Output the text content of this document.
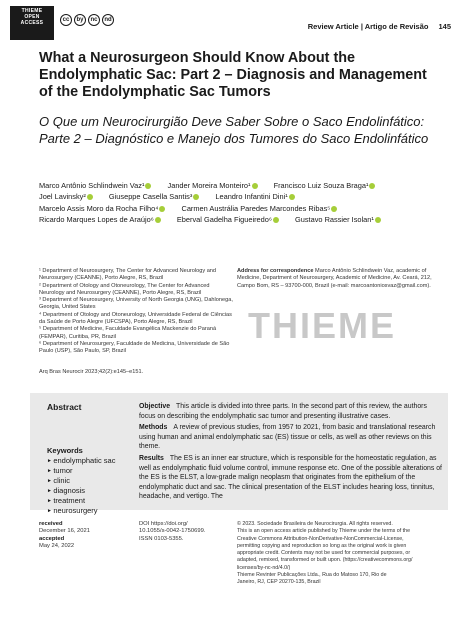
THIEME
OPEN
ACCESS	cc	by	nc	nd
Review Article | Artigo de Revisão 145
What a Neurosurgeon Should Know About the Endolymphatic Sac: Part 2 – Diagnosis and Management of the Endolymphatic Sac Tumors
O Que um Neurocirurgião Deve Saber Sobre o Saco Endolinfático: Parte 2 – Diagnóstico e Manejo dos Tumores do Saco Endolinfático
Marco Antônio Schlindwein Vaz¹	Jander Moreira Monteiro¹	Francisco Luiz Souza Braga¹
Joel Lavinsky²	Giuseppe Casella Santis³	Leandro Infantini Dini¹
Marcelo Assis Moro da Rocha Filho⁴	Carmen Austrália Paredes Marcondes Ribas⁵
Ricardo Marques Lopes de Araújo⁶	Eberval Gadelha Figueiredo⁶	Gustavo Rassier Isolan¹

¹ Department of Neurosurgery, The Center for Advanced Neurology and Neurosurgery (CEANNE), Porto Alegre, RS, Brazil

² Department of Otology and Otoneurology, The Center for Advanced Neurology and Neurosurgery (CEANNE), Porto Alegre, RS, Brazil

³ Department of Neurosurgery, University of North Georgia (UNG), Dahlonega, Georgia, United States

⁴ Department of Otology and Otoneurology, Universidade Federal de Ciências da Saúde de Porto Alegre (UFCSPA), Porto Alegre, RS, Brazil

⁵ Department of Medicine, Faculdade Evangélica Mackenzie do Paraná (FEMPAR), Curitiba, PR, Brazil

⁶ Department of Neurosurgery, Faculdade de Medicina, Universidade de São Paulo (USP), São Paulo, SP, Brazil

Address for correspondence Marco Antônio Schlindwein Vaz, academic of Medicine, Department of Neurosurgery, Academic of Medicine, Av. Ceará, 212, Campo Bom, RS – 93700-000, Brazil (e-mail: marcoantoniosvaz@gmail.com).
THIEME
Arq Bras Neurocir 2023;42(2):e145–e151.
Abstract
Keywords
► endolymphatic sac
► tumor
► clinic
► diagnosis
► treatment
► neurosurgery

Objective This article is divided into three parts. In the second part of this review, the authors focus on describing the endolymphatic sac tumor and presenting illustrative cases.

Methods A review of previous studies, from 1957 to 2021, from basic and translational research using human and animal endolymphatic sac (ES) tissue or cells, as well as other reviews on this theme.

Results The ES is an inner ear structure, which is responsible for the homeostatic regulation, as well as endolymphatic fluid volume control, immune response etc. One of the possible alterations of the ES is the ELST, a low-grade malign neoplasm that originates from the epithelium of the endolymphatic duct and sac. The clinical presentation of the ELST includes hearing loss, tinnitus, headache, and vertigo. The

received
December 16, 2021
accepted
May 24, 2022
DOI https://doi.org/
10.1055/s-0042-1750699.
ISSN 0103-5355.
© 2023. Sociedade Brasileira de Neurocirurgia. All rights reserved.
This is an open access article published by Thieme under the terms of the
Creative Commons Attribution-NonDerivative-NonCommercial-License,
permitting copying and reproduction so long as the original work is given
appropriate credit. Contents may not be used for commercial purposes, or
adapted, remixed, transformed or built upon. (https://creativecommons.org/
licenses/by-nc-nd/4.0/)
Thieme Revinter Publicações Ltda., Rua do Matoso 170, Rio de
Janeiro, RJ, CEP 20270-135, Brazil
